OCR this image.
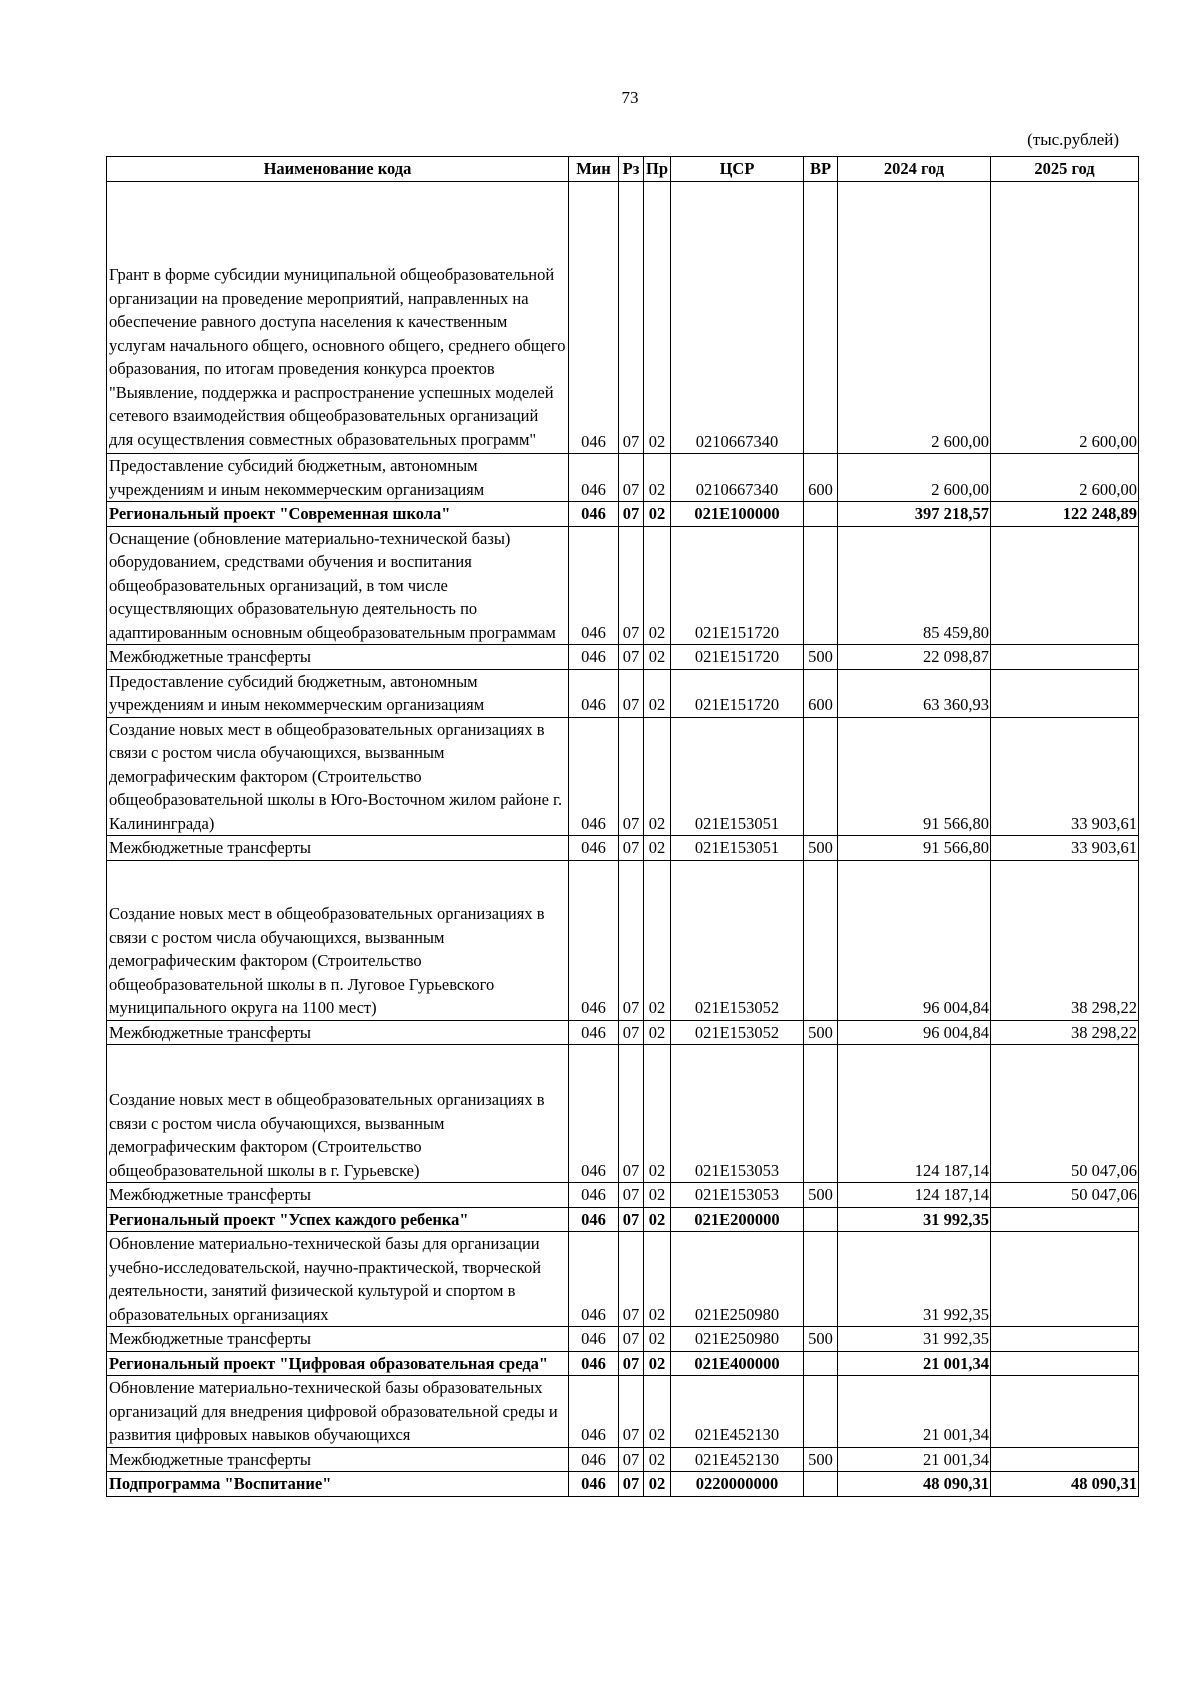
73
(тыс.рублей)
Наименование кода	Мин	Рз	Пр	ЦСР	ВР	2024 год	2025 год
Грант в форме субсидии муниципальной общеобразовательной организации на проведение мероприятий, направленных на обеспечение равного доступа населения к качественным услугам начального общего, основного общего, среднего общего образования, по итогам проведения конкурса проектов "Выявление, поддержка и распространение успешных моделей сетевого взаимодействия общеобразовательных организаций для осуществления совместных образовательных программ"	046	07	02	0210667340		2 600,00	2 600,00
Предоставление субсидий бюджетным, автономным учреждениям и иным некоммерческим организациям	046	07	02	0210667340	600	2 600,00	2 600,00
Региональный проект "Современная школа"	046	07	02	021E100000		397 218,57	122 248,89
Оснащение (обновление материально-технической базы) оборудованием, средствами обучения и воспитания общеобразовательных организаций, в том числе осуществляющих образовательную деятельность по адаптированным основным общеобразовательным программам	046	07	02	021E151720		85 459,80	
Межбюджетные трансферты	046	07	02	021E151720	500	22 098,87	
Предоставление субсидий бюджетным, автономным учреждениям и иным некоммерческим организациям	046	07	02	021E151720	600	63 360,93	
Создание новых мест в общеобразовательных организациях в связи с ростом числа обучающихся, вызванным демографическим фактором (Строительство общеобразовательной школы в Юго-Восточном жилом районе г. Калининграда)	046	07	02	021E153051		91 566,80	33 903,61
Межбюджетные трансферты	046	07	02	021E153051	500	91 566,80	33 903,61
Создание новых мест в общеобразовательных организациях в связи с ростом числа обучающихся, вызванным демографическим фактором (Строительство общеобразовательной школы в п. Луговое Гурьевского муниципального округа на 1100 мест)	046	07	02	021E153052		96 004,84	38 298,22
Межбюджетные трансферты	046	07	02	021E153052	500	96 004,84	38 298,22
Создание новых мест в общеобразовательных организациях в связи с ростом числа обучающихся, вызванным демографическим фактором (Строительство общеобразовательной школы в г. Гурьевске)	046	07	02	021E153053		124 187,14	50 047,06
Межбюджетные трансферты	046	07	02	021E153053	500	124 187,14	50 047,06
Региональный проект "Успех каждого ребенка"	046	07	02	021E200000		31 992,35	
Обновление материально-технической базы для организации учебно-исследовательской, научно-практической, творческой деятельности, занятий физической культурой и спортом в образовательных организациях	046	07	02	021E250980		31 992,35	
Межбюджетные трансферты	046	07	02	021E250980	500	31 992,35	
Региональный проект "Цифровая образовательная среда"	046	07	02	021E400000		21 001,34	
Обновление материально-технической базы образовательных организаций для внедрения цифровой образовательной среды и развития цифровых навыков обучающихся	046	07	02	021E452130		21 001,34	
Межбюджетные трансферты	046	07	02	021E452130	500	21 001,34	
Подпрограмма "Воспитание"	046	07	02	0220000000		48 090,31	48 090,31
